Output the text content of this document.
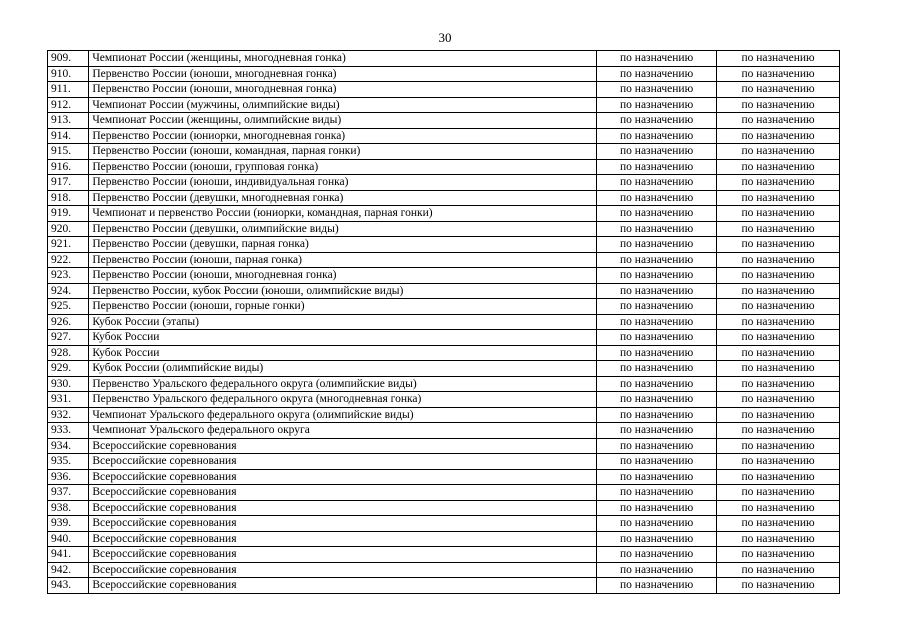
30
909.	Чемпионат России (женщины, многодневная гонка)	по назначению	по назначению
910.	Первенство России (юноши, многодневная гонка)	по назначению	по назначению
911.	Первенство России (юноши, многодневная гонка)	по назначению	по назначению
912.	Чемпионат России (мужчины, олимпийские виды)	по назначению	по назначению
913.	Чемпионат России (женщины, олимпийские виды)	по назначению	по назначению
914.	Первенство России (юниорки, многодневная гонка)	по назначению	по назначению
915.	Первенство России (юноши, командная, парная гонки)	по назначению	по назначению
916.	Первенство России (юноши, групповая гонка)	по назначению	по назначению
917.	Первенство России (юноши, индивидуальная гонка)	по назначению	по назначению
918.	Первенство России (девушки, многодневная гонка)	по назначению	по назначению
919.	Чемпионат и первенство России (юниорки, командная, парная гонки)	по назначению	по назначению
920.	Первенство России (девушки, олимпийские виды)	по назначению	по назначению
921.	Первенство России (девушки, парная гонка)	по назначению	по назначению
922.	Первенство России (юноши, парная гонка)	по назначению	по назначению
923.	Первенство России (юноши, многодневная гонка)	по назначению	по назначению
924.	Первенство России, кубок России (юноши, олимпийские виды)	по назначению	по назначению
925.	Первенство России (юноши, горные гонки)	по назначению	по назначению
926.	Кубок России (этапы)	по назначению	по назначению
927.	Кубок России	по назначению	по назначению
928.	Кубок России	по назначению	по назначению
929.	Кубок России (олимпийские виды)	по назначению	по назначению
930.	Первенство Уральского федерального округа (олимпийские виды)	по назначению	по назначению
931.	Первенство Уральского федерального округа (многодневная гонка)	по назначению	по назначению
932.	Чемпионат Уральского федерального округа (олимпийские виды)	по назначению	по назначению
933.	Чемпионат Уральского федерального округа	по назначению	по назначению
934.	Всероссийские соревнования	по назначению	по назначению
935.	Всероссийские соревнования	по назначению	по назначению
936.	Всероссийские соревнования	по назначению	по назначению
937.	Всероссийские соревнования	по назначению	по назначению
938.	Всероссийские соревнования	по назначению	по назначению
939.	Всероссийские соревнования	по назначению	по назначению
940.	Всероссийские соревнования	по назначению	по назначению
941.	Всероссийские соревнования	по назначению	по назначению
942.	Всероссийские соревнования	по назначению	по назначению
943.	Всероссийские соревнования	по назначению	по назначению
